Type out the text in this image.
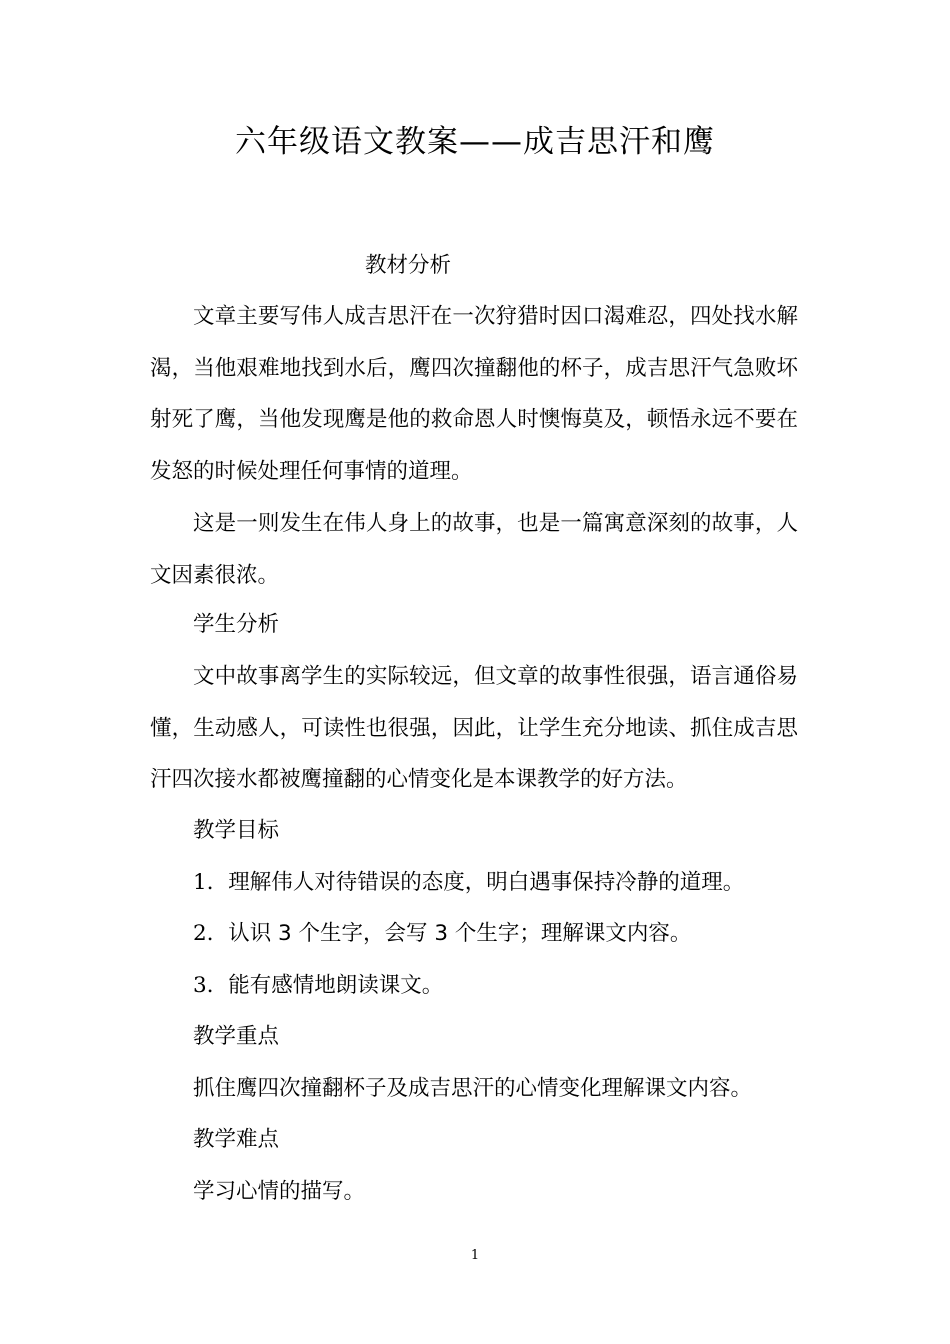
六年级语文教案——成吉思汗和鹰
教材分析
文章主要写伟人成吉思汗在一次狩猎时因口渴难忍，四处找水解渴，当他艰难地找到水后，鹰四次撞翻他的杯子，成吉思汗气急败坏射死了鹰，当他发现鹰是他的救命恩人时懊悔莫及，顿悟永远不要在发怒的时候处理任何事情的道理。
这是一则发生在伟人身上的故事，也是一篇寓意深刻的故事，人文因素很浓。
学生分析
文中故事离学生的实际较远，但文章的故事性很强，语言通俗易懂，生动感人，可读性也很强，因此，让学生充分地读、抓住成吉思汗四次接水都被鹰撞翻的心情变化是本课教学的好方法。
教学目标
1．理解伟人对待错误的态度，明白遇事保持冷静的道理。
2．认识 3 个生字，会写 3 个生字；理解课文内容。
3．能有感情地朗读课文。
教学重点
抓住鹰四次撞翻杯子及成吉思汗的心情变化理解课文内容。
教学难点
学习心情的描写。
1
